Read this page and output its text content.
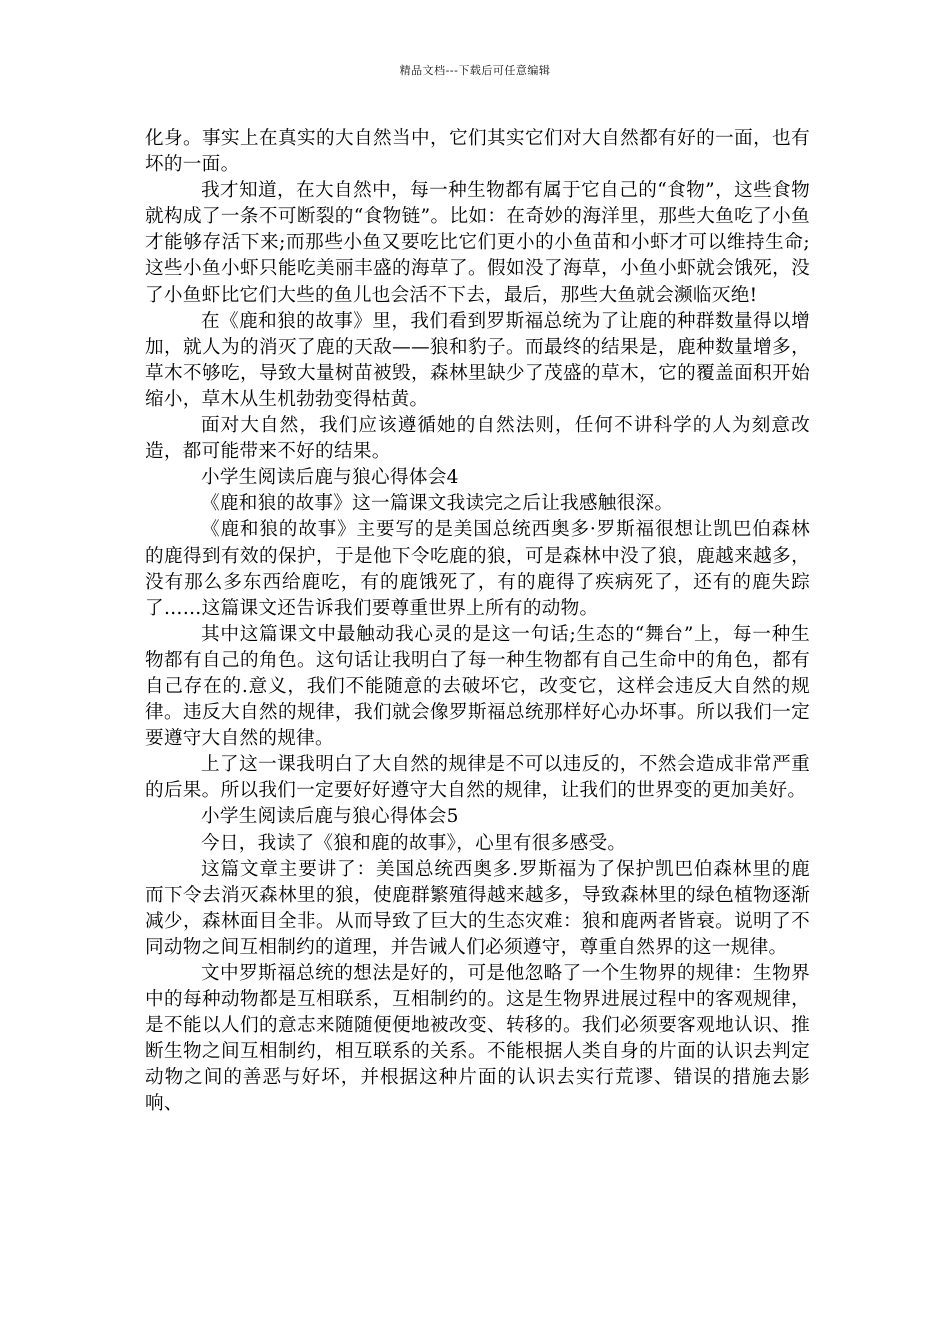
精品文档---下载后可任意编辑

化身。事实上在真实的大自然当中，它们其实它们对大自然都有好的一面，也有坏的一面。

我才知道，在大自然中，每一种生物都有属于它自己的“食物”，这些食物就构成了一条不可断裂的“食物链”。比如：在奇妙的海洋里，那些大鱼吃了小鱼才能够存活下来;而那些小鱼又要吃比它们更小的小鱼苗和小虾才可以维持生命;这些小鱼小虾只能吃美丽丰盛的海草了。假如没了海草，小鱼小虾就会饿死，没了小鱼虾比它们大些的鱼儿也会活不下去，最后，那些大鱼就会濒临灭绝!

在《鹿和狼的故事》里，我们看到罗斯福总统为了让鹿的种群数量得以增加，就人为的消灭了鹿的天敌——狼和豹子。而最终的结果是，鹿种数量增多，草木不够吃，导致大量树苗被毁，森林里缺少了茂盛的草木，它的覆盖面积开始缩小，草木从生机勃勃变得枯黄。

面对大自然，我们应该遵循她的自然法则，任何不讲科学的人为刻意改造，都可能带来不好的结果。

小学生阅读后鹿与狼心得体会4

《鹿和狼的故事》这一篇课文我读完之后让我感触很深。

《鹿和狼的故事》主要写的是美国总统西奥多·罗斯福很想让凯巴伯森林的鹿得到有效的保护，于是他下令吃鹿的狼，可是森林中没了狼，鹿越来越多，没有那么多东西给鹿吃，有的鹿饿死了，有的鹿得了疾病死了，还有的鹿失踪了……这篇课文还告诉我们要尊重世界上所有的动物。

其中这篇课文中最触动我心灵的是这一句话;生态的“舞台”上，每一种生物都有自己的角色。这句话让我明白了每一种生物都有自己生命中的角色，都有自己存在的.意义，我们不能随意的去破坏它，改变它，这样会违反大自然的规律。违反大自然的规律，我们就会像罗斯福总统那样好心办坏事。所以我们一定要遵守大自然的规律。

上了这一课我明白了大自然的规律是不可以违反的，不然会造成非常严重的后果。所以我们一定要好好遵守大自然的规律，让我们的世界变的更加美好。

小学生阅读后鹿与狼心得体会5

今日，我读了《狼和鹿的故事》，心里有很多感受。

这篇文章主要讲了：美国总统西奥多.罗斯福为了保护凯巴伯森林里的鹿而下令去消灭森林里的狼，使鹿群繁殖得越来越多，导致森林里的绿色植物逐渐减少，森林面目全非。从而导致了巨大的生态灾难：狼和鹿两者皆衰。说明了不同动物之间互相制约的道理，并告诫人们必须遵守，尊重自然界的这一规律。

文中罗斯福总统的想法是好的，可是他忽略了一个生物界的规律：生物界中的每种动物都是互相联系，互相制约的。这是生物界进展过程中的客观规律，是不能以人们的意志来随随便便地被改变、转移的。我们必须要客观地认识、推断生物之间互相制约，相互联系的关系。不能根据人类自身的片面的认识去判定动物之间的善恶与好坏，并根据这种片面的认识去实行荒谬、错误的措施去影响、
